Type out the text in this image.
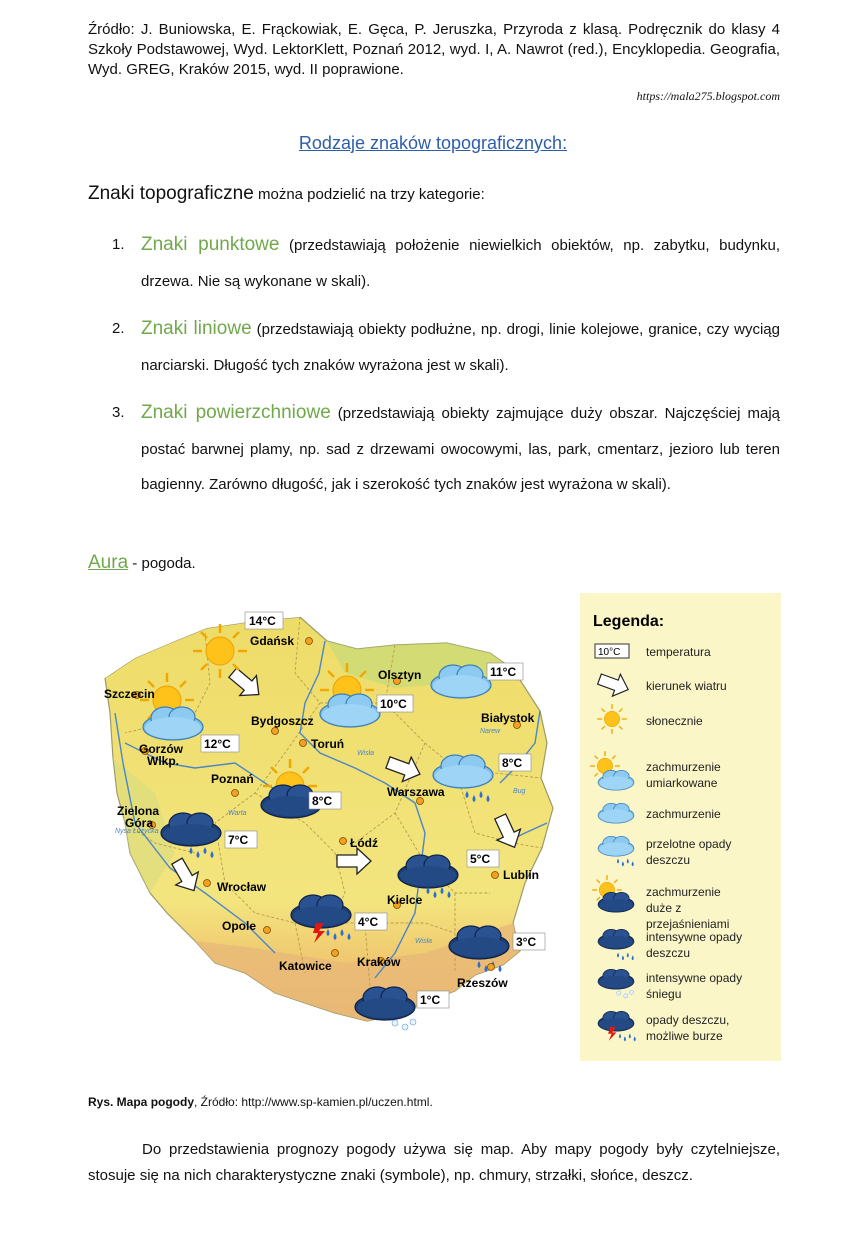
Źródło: J. Buniowska, E. Frąckowiak, E. Gęca, P. Jeruszka, Przyroda z klasą. Podręcznik do klasy 4 Szkoły Podstawowej, Wyd. LektorKlett, Poznań 2012, wyd. I, A. Nawrot (red.), Encyklopedia. Geografia, Wyd. GREG, Kraków 2015, wyd. II poprawione.
https://mala275.blogspot.com
Rodzaje znaków topograficznych:
Znaki topograficzne można podzielić na trzy kategorie:
1. Znaki punktowe (przedstawiają położenie niewielkich obiektów, np. zabytku, budynku, drzewa. Nie są wykonane w skali).
2. Znaki liniowe (przedstawiają obiekty podłużne, np. drogi, linie kolejowe, granice, czy wyciąg narciarski. Długość tych znaków wyrażona jest w skali).
3. Znaki powierzchniowe (przedstawiają obiekty zajmujące duży obszar. Najczęściej mają postać barwnej plamy, np. sad z drzewami owocowymi, las, park, cmentarz, jezioro lub teren bagienny. Zarówno długość, jak i szerokość tych znaków jest wyrażona w skali).
Aura - pogoda.
Wisła
Warta
Bug
Narew
Wisła
Nysa Łużycka
14°C
11°C
10°C
12°C
8°C
8°C
7°C
5°C
4°C
3°C
1°C
Gdańsk
Olsztyn
Szczecin
Bydgoszcz
Toruń
Białystok
Gorzów Wlkp.
Poznań
Warszawa
Zielona Góra
Łódź
Lublin
Wrocław
Kielce
Opole
Katowice Kraków
Rzeszów
Legenda:
10°C temperatura
kierunek wiatru
słonecznie
zachmurzenie umiarkowane
zachmurzenie
przelotne opady deszczu
zachmurzenie duże z przejaśnieniami
intensywne opady deszczu
intensywne opady śniegu
opady deszczu, możliwe burze
Rys. Mapa pogody, Źródło: http://www.sp-kamien.pl/uczen.html.
Do przedstawienia prognozy pogody używa się map. Aby mapy pogody były czytelniejsze, stosuje się na nich charakterystyczne znaki (symbole), np. chmury, strzałki, słońce, deszcz.
